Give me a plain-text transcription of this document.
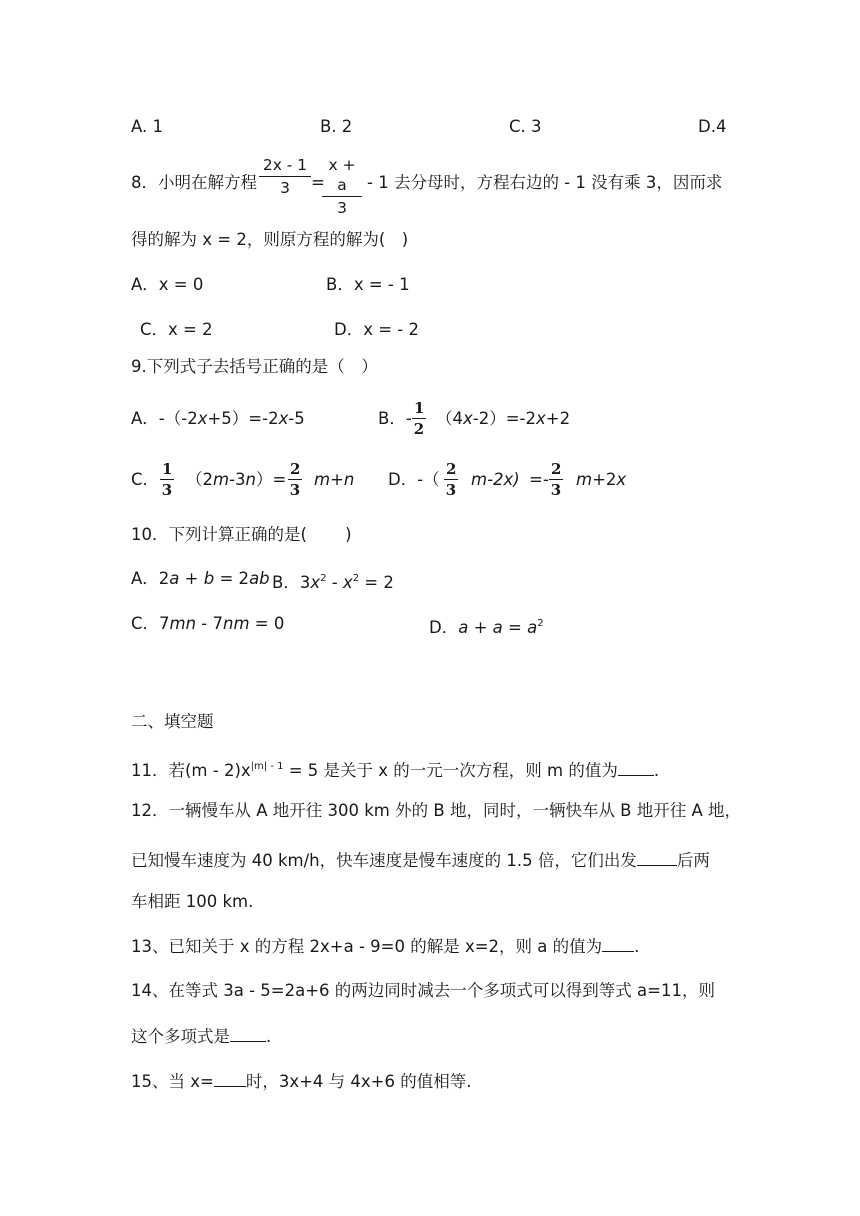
A. 1	B. 2	C. 3	D.4
8．小明在解方程 $\frac{2x - 1}{3}$ =
$\frac{x + a}{3} - 1$ 去分母时，方程右边的 - 1 没有乘 3，因而求
得的解为 x = 2，则原方程的解为(　)
A．x = 0	B．x = - 1
C．x = 2	D．x = - 2
9.下列式子去括号正确的是（　）
A．-（-2x+5）=-2x-5	B．- $\frac{1}{2} (4x-2)=-2x+2$
C． $\frac{1}{3} (2m-3n)= \frac{2}{3} m+n$ D．-（ $\frac{2}{3} m-2x) =- \frac{2}{3} m+2x$
10．下列计算正确的是(　　 )
A．2a + b = 2ab B．$3x^2 - x^2 = 2$
C．7mn - 7nm = 0	D．$a + a = a^2$
二、填空题
11．若$(m - 2)x^{|m| - 1} = 5$ 是关于 x 的一元一次方程，则 m 的值为 .
12．一辆慢车从 A 地开往 300 km 外的 B 地，同时，一辆快车从 B 地开往 A 地，
已知慢车速度为 40 km/h，快车速度是慢车速度的 1.5 倍，它们出发 后两
车相距 100 km.
13、已知关于 x 的方程 2x+a - 9=0 的解是 x=2，则 a 的值为 .
14、在等式 3a - 5=2a+6 的两边同时减去一个多项式可以得到等式 a=11，则
这个多项式是 .
15、当 x= 时，3x+4 与 4x+6 的值相等.
